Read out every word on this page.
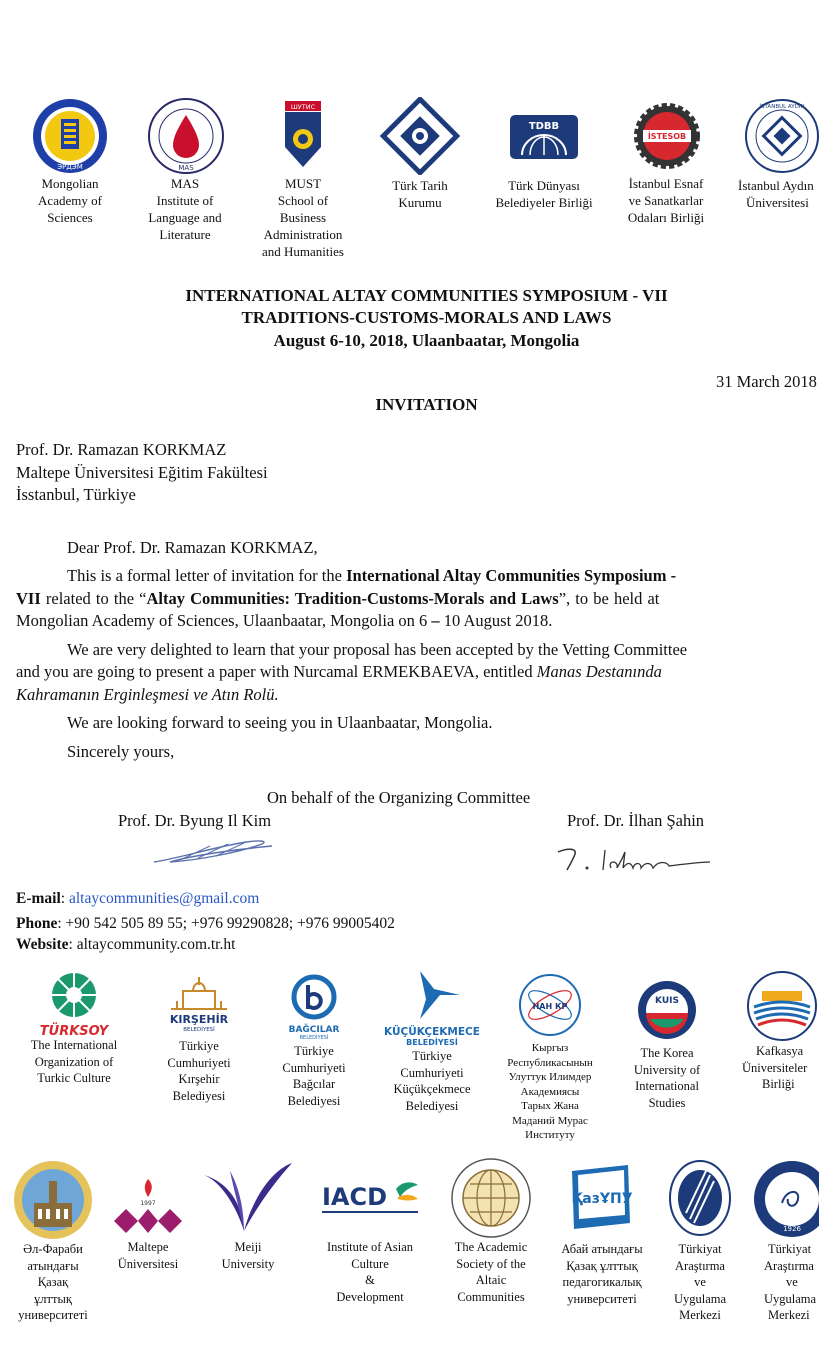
ЭРДЭМ
Mongolian
Academy of
Sciences
MAS
MAS
Institute of
Language and
Literature
ШУТИС
MUST
School of
Business
Administration
and Humanities
Türk Tarih
Kurumu
TDBB
Türk Dünyası
Belediyeler Birliği
İSTESOB
İstanbul Esnaf
ve Sanatkarlar
Odaları Birliği
İSTANBUL AYDIN
İstanbul Aydın
Üniversitesi
INTERNATIONAL ALTAY COMMUNITIES SYMPOSIUM - VII
TRADITIONS-CUSTOMS-MORALS AND LAWS
August 6-10, 2018, Ulaanbaatar, Mongolia
31 March 2018
INVITATION
Prof. Dr. Ramazan KORKMAZ
Maltepe Üniversitesi Eğitim Fakültesi
İsstanbul, Türkiye
Dear Prof. Dr. Ramazan KORKMAZ,
This is a formal letter of invitation for the International Altay Communities Symposium -
VII related to the “Altay Communities: Tradition-Customs-Morals and Laws”, to be held at
Mongolian Academy of Sciences, Ulaanbaatar, Mongolia on 6 – 10 August 2018.
We are very delighted to learn that your proposal has been accepted by the Vetting Committee
and you are going to present a paper with Nurcamal ERMEKBAEVA, entitled Manas Destanında
Kahramanın Erginleşmesi ve Atın Rolü.
We are looking forward to seeing you in Ulaanbaatar, Mongolia.
Sincerely yours,
On behalf of the Organizing Committee
Prof. Dr. Byung Il Kim	Prof. Dr. İlhan Şahin
E-mail: altaycommunities@gmail.com
Phone: +90 542 505 89 55; +976 99290828; +976 99005402
Website: altaycommunity.com.tr.ht
TÜRKSOY
The International
Organization of
Turkic Culture
KIRŞEHİR
BELEDİYESİ
Türkiye
Cumhuriyeti
Kırşehir
Belediyesi
BAĞCILAR
BELEDİYESİ
Türkiye
Cumhuriyeti
Bağcılar
Belediyesi
KÜÇÜKÇEKMECE
BELEDİYESİ
Türkiye
Cumhuriyeti
Küçükçekmece
Belediyesi
НАН КР
Кыргыз
Республикасынын
Улуттук Илимдер
Академиясы
Тарых Жана
Маданий Мурас
Институту
KUIS
The Korea
University of
International
Studies
Kafkasya
Üniversiteler
Birliği
Әл-Фараби
атындағы
Қазақ
ұлттық
университеті
1997
Maltepe
Üniversitesi
Meiji
University
IACD
Institute of Asian
Culture
&
Development
The Academic
Society of the
Altaic
Communities
ҚазҰПУ
Абай атындағы
Қазақ ұлттық
педагогикалық
университеті
Türkiyat
Araştırma
ve
Uygulama
Merkezi
1926
Türkiyat
Araştırma
ve
Uygulama
Merkezi
